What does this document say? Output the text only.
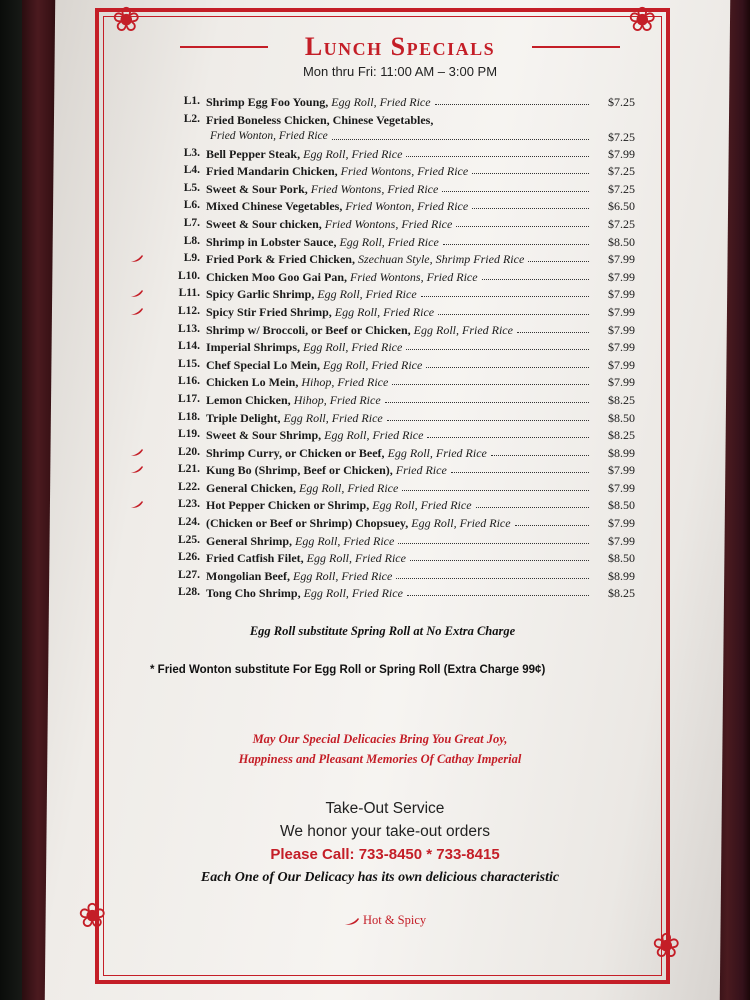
❀	❀
❀
❀
Lunch Specials
Mon thru Fri: 11:00 AM – 3:00 PM
L1. Shrimp Egg Foo Young, Egg Roll, Fried Rice	$7.25
L2. Fried Boneless Chicken, Chinese Vegetables,
Fried Wonton, Fried Rice	$7.25
L3. Bell Pepper Steak, Egg Roll, Fried Rice	$7.99
L4. Fried Mandarin Chicken, Fried Wontons, Fried Rice	$7.25
L5. Sweet & Sour Pork, Fried Wontons, Fried Rice	$7.25
L6. Mixed Chinese Vegetables, Fried Wonton, Fried Rice	$6.50
L7. Sweet & Sour chicken, Fried Wontons, Fried Rice	$7.25
L8. Shrimp in Lobster Sauce, Egg Roll, Fried Rice	$8.50
L9. Fried Pork & Fried Chicken, Szechuan Style, Shrimp Fried Rice	$7.99
L10. Chicken Moo Goo Gai Pan, Fried Wontons, Fried Rice	$7.99
L11. Spicy Garlic Shrimp, Egg Roll, Fried Rice	$7.99
L12. Spicy Stir Fried Shrimp, Egg Roll, Fried Rice	$7.99
L13. Shrimp w/ Broccoli, or Beef or Chicken, Egg Roll, Fried Rice	$7.99
L14. Imperial Shrimps, Egg Roll, Fried Rice	$7.99
L15. Chef Special Lo Mein, Egg Roll, Fried Rice	$7.99
L16. Chicken Lo Mein, Hihop, Fried Rice	$7.99
L17. Lemon Chicken, Hihop, Fried Rice	$8.25
L18. Triple Delight, Egg Roll, Fried Rice	$8.50
L19. Sweet & Sour Shrimp, Egg Roll, Fried Rice	$8.25
L20. Shrimp Curry, or Chicken or Beef, Egg Roll, Fried Rice	$8.99
L21. Kung Bo (Shrimp, Beef or Chicken), Fried Rice	$7.99
L22. General Chicken, Egg Roll, Fried Rice	$7.99
L23. Hot Pepper Chicken or Shrimp, Egg Roll, Fried Rice	$8.50
L24. (Chicken or Beef or Shrimp) Chopsuey, Egg Roll, Fried Rice	$7.99
L25. General Shrimp, Egg Roll, Fried Rice	$7.99
L26. Fried Catfish Filet, Egg Roll, Fried Rice	$8.50
L27. Mongolian Beef, Egg Roll, Fried Rice	$8.99
L28. Tong Cho Shrimp, Egg Roll, Fried Rice	$8.25
Egg Roll substitute Spring Roll at No Extra Charge
* Fried Wonton substitute For Egg Roll or Spring Roll (Extra Charge 99¢)
May Our Special Delicacies Bring You Great Joy,
Happiness and Pleasant Memories Of Cathay Imperial
Take-Out Service
We honor your take-out orders
Please Call: 733-8450 * 733-8415
Each One of Our Delicacy has its own delicious characteristic
Hot & Spicy
